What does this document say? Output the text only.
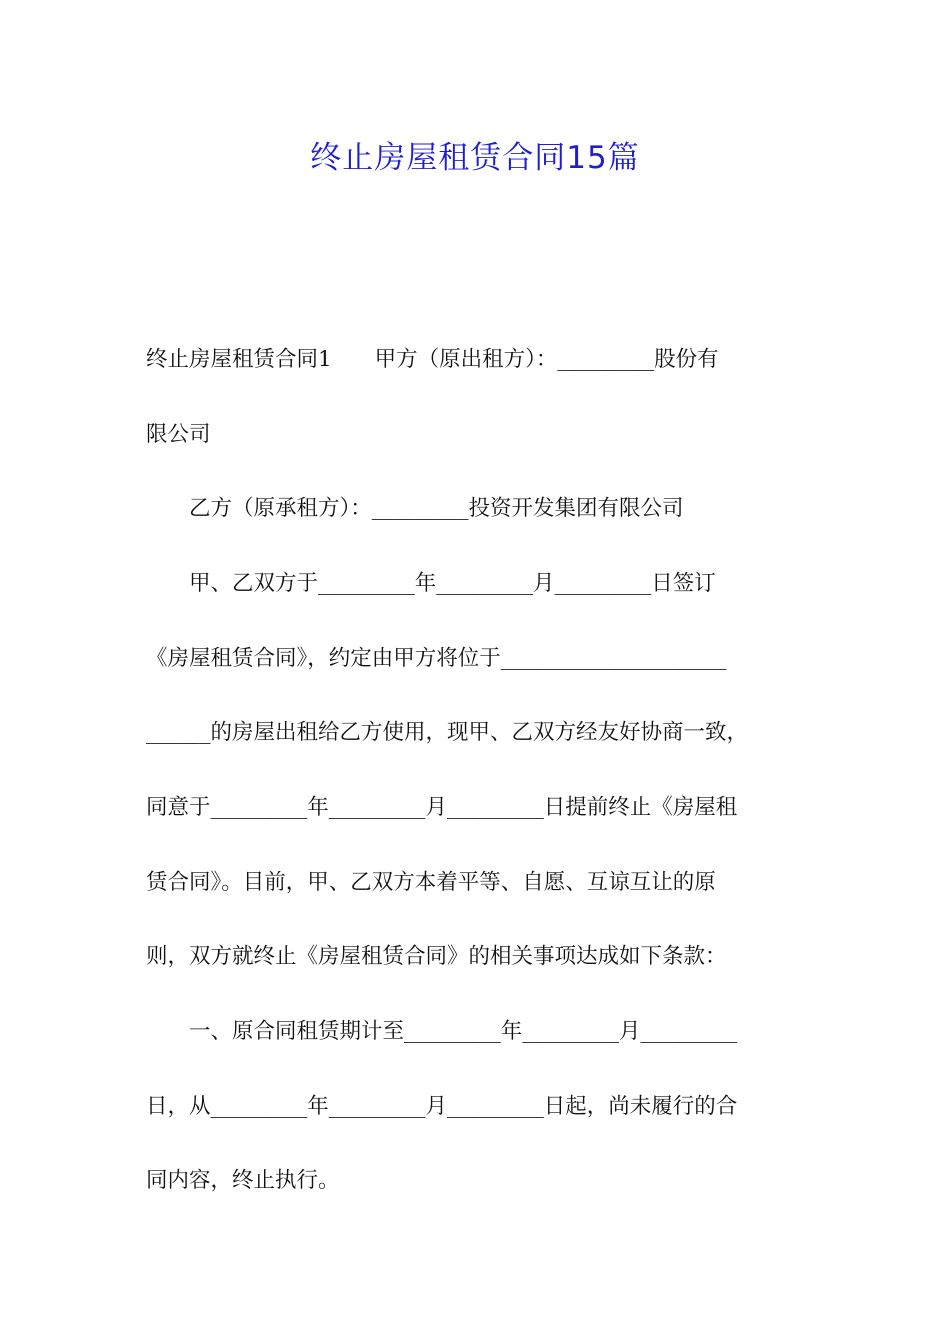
终止房屋租赁合同15篇
终止房屋租赁合同1　　甲方（原出租方）：_________股份有
限公司
　　乙方（原承租方）：_________投资开发集团有限公司
　　甲、乙双方于_________年_________月_________日签订
《房屋租赁合同》，约定由甲方将位于_____________________
______的房屋出租给乙方使用，现甲、乙双方经友好协商一致，
同意于_________年_________月_________日提前终止《房屋租
赁合同》。目前，甲、乙双方本着平等、自愿、互谅互让的原
则，双方就终止《房屋租赁合同》的相关事项达成如下条款：
　　一、原合同租赁期计至_________年_________月_________
日，从_________年_________月_________日起，尚未履行的合
同内容，终止执行。
